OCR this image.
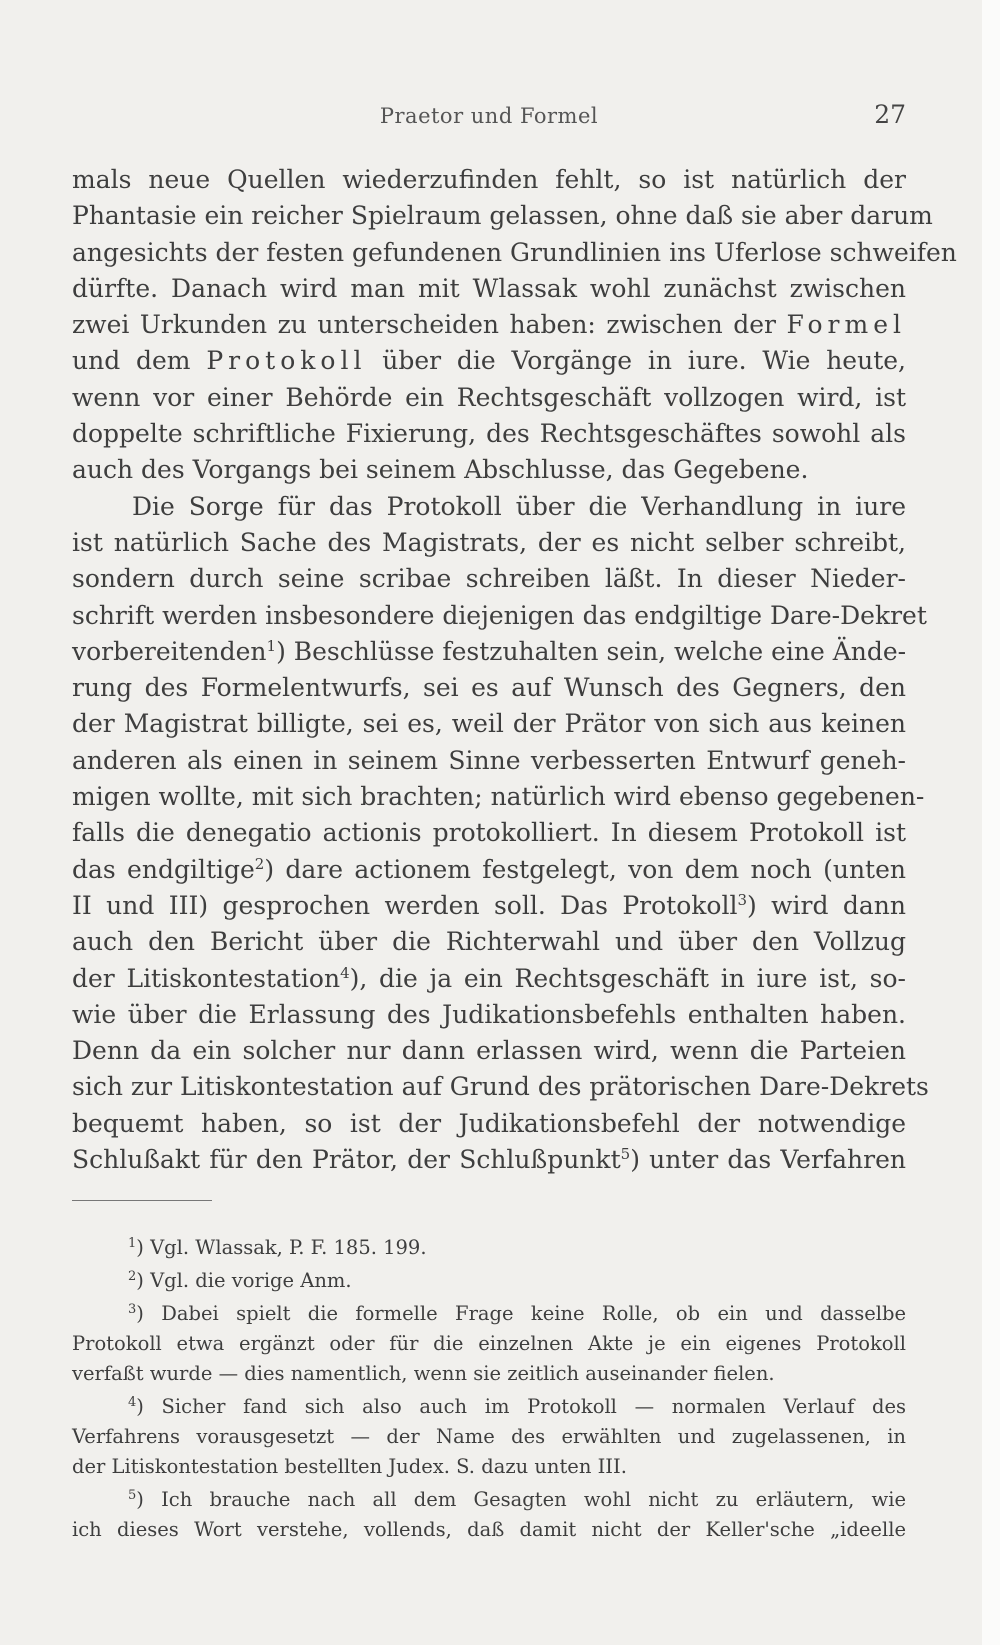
Praetor und Formel	27
mals neue Quellen wiederzufinden fehlt, so ist natürlich der
Phantasie ein reicher Spielraum gelassen, ohne daß sie aber darum
angesichts der festen gefundenen Grundlinien ins Uferlose schweifen
dürfte. Danach wird man mit Wlassak wohl zunächst zwischen
zwei Urkunden zu unterscheiden haben: zwischen der Formel
und dem Protokoll über die Vorgänge in iure. Wie heute,
wenn vor einer Behörde ein Rechtsgeschäft vollzogen wird, ist
doppelte schriftliche Fixierung, des Rechtsgeschäftes sowohl als
auch des Vorgangs bei seinem Abschlusse, das Gegebene.
Die Sorge für das Protokoll über die Verhandlung in iure
ist natürlich Sache des Magistrats, der es nicht selber schreibt,
sondern durch seine scribae schreiben läßt. In dieser Nieder-
schrift werden insbesondere diejenigen das endgiltige Dare-Dekret
vorbereitenden$^1$) Beschlüsse festzuhalten sein, welche eine Ände-
rung des Formelentwurfs, sei es auf Wunsch des Gegners, den
der Magistrat billigte, sei es, weil der Prätor von sich aus keinen
anderen als einen in seinem Sinne verbesserten Entwurf geneh-
migen wollte, mit sich brachten; natürlich wird ebenso gegebenen-
falls die denegatio actionis protokolliert. In diesem Protokoll ist
das endgiltige$^2$) dare actionem festgelegt, von dem noch (unten
II und III) gesprochen werden soll. Das Protokoll$^3$) wird dann
auch den Bericht über die Richterwahl und über den Vollzug
der Litiskontestation$^4$), die ja ein Rechtsgeschäft in iure ist, so-
wie über die Erlassung des Judikationsbefehls enthalten haben.
Denn da ein solcher nur dann erlassen wird, wenn die Parteien
sich zur Litiskontestation auf Grund des prätorischen Dare-Dekrets
bequemt haben, so ist der Judikationsbefehl der notwendige
Schlußakt für den Prätor, der Schlußpunkt$^5$) unter das Verfahren
$^1$) Vgl. Wlassak, P. F. 185. 199.
$^2$) Vgl. die vorige Anm.
$^3$) Dabei spielt die formelle Frage keine Rolle, ob ein und dasselbe
Protokoll etwa ergänzt oder für die einzelnen Akte je ein eigenes Protokoll
verfaßt wurde — dies namentlich, wenn sie zeitlich auseinander fielen.
$^4$) Sicher fand sich also auch im Protokoll — normalen Verlauf des
Verfahrens vorausgesetzt — der Name des erwählten und zugelassenen, in
der Litiskontestation bestellten Judex. S. dazu unten III.
$^5$) Ich brauche nach all dem Gesagten wohl nicht zu erläutern, wie
ich dieses Wort verstehe, vollends, daß damit nicht der Keller'sche „ideelle
